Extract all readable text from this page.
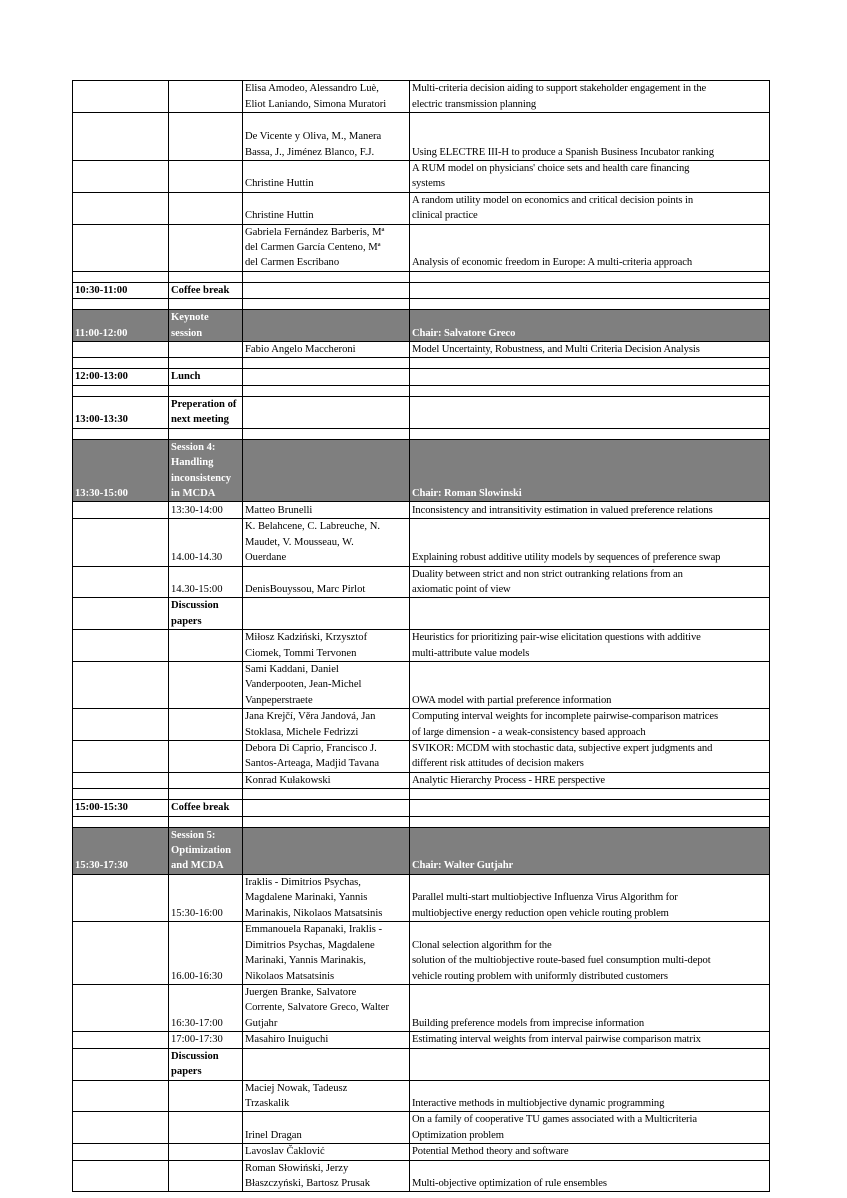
		Elisa Amodeo, Alessandro Luè,
Eliot Laniando, Simona Muratori	Multi-criteria decision aiding to support stakeholder engagement in the
electric transmission planning
		De Vicente y Oliva, M., Manera
Bassa, J., Jiménez Blanco, F.J.	Using ELECTRE III-H to produce a Spanish Business Incubator ranking
		Christine Huttin	A RUM model on physicians' choice sets and health care financing
systems
		Christine Huttin	A random utility model on economics and critical decision points in
clinical practice
		Gabriela Fernández Barberis, Mª
del Carmen García Centeno, Mª
del Carmen Escribano	Analysis of economic freedom in Europe: A multi-criteria approach

10:30-11:00	Coffee break		

11:00-12:00	Keynote session		Chair: Salvatore Greco
		Fabio Angelo Maccheroni	Model Uncertainty, Robustness, and Multi Criteria Decision Analysis

12:00-13:00	Lunch		

13:00-13:30	Preperation of next meeting		

13:30-15:00	Session 4: Handling inconsistency in MCDA		Chair: Roman Slowinski
	13:30-14:00	Matteo Brunelli	Inconsistency and intransitivity estimation in valued preference relations
	14.00-14.30	K. Belahcene, C. Labreuche, N.
Maudet, V. Mousseau, W.
Ouerdane	Explaining robust additive utility models by sequences of preference swap
	14.30-15:00	DenisBouyssou, Marc Pirlot	Duality between strict and non strict outranking relations from an
axiomatic point of view
	Discussion papers		
		Miłosz Kadziński, Krzysztof
Ciomek, Tommi Tervonen	Heuristics for prioritizing pair-wise elicitation questions with additive
multi-attribute value models
		Sami Kaddani, Daniel
Vanderpooten, Jean-Michel
Vanpeperstraete	OWA model with partial preference information
		Jana Krejčí, Věra Jandová, Jan
Stoklasa, Michele Fedrizzi	Computing interval weights for incomplete pairwise-comparison matrices
of large dimension - a weak-consistency based approach
		Debora Di Caprio, Francisco J.
Santos-Arteaga, Madjid Tavana	SVIKOR: MCDM with stochastic data, subjective expert judgments and
different risk attitudes of decision makers
		Konrad Kułakowski	Analytic Hierarchy Process - HRE perspective

15:00-15:30	Coffee break		

15:30-17:30	Session 5: Optimization and MCDA		Chair: Walter Gutjahr
	15:30-16:00	Iraklis - Dimitrios Psychas,
Magdalene Marinaki, Yannis
Marinakis, Nikolaos Matsatsinis	Parallel multi-start multiobjective Influenza Virus Algorithm for
multiobjective energy reduction open vehicle routing problem
	16.00-16:30	Emmanouela Rapanaki, Iraklis -
Dimitrios Psychas, Magdalene
Marinaki, Yannis Marinakis,
Nikolaos Matsatsinis	Clonal selection algorithm for the
solution of the multiobjective route-based fuel consumption multi-depot
vehicle routing problem with uniformly distributed customers
	16:30-17:00	Juergen Branke, Salvatore
Corrente, Salvatore Greco, Walter
Gutjahr	Building preference models from imprecise information
	17:00-17:30	Masahiro Inuiguchi	Estimating interval weights from interval pairwise comparison matrix
	Discussion papers		
		Maciej Nowak, Tadeusz
Trzaskalik	Interactive methods in multiobjective dynamic programming
		Irinel Dragan	On a family of cooperative TU games associated with a Multicriteria
Optimization problem
		Lavoslav Čaklović	Potential Method theory and software
		Roman Słowiński, Jerzy
Błaszczyński, Bartosz Prusak	Multi-objective optimization of rule ensembles
